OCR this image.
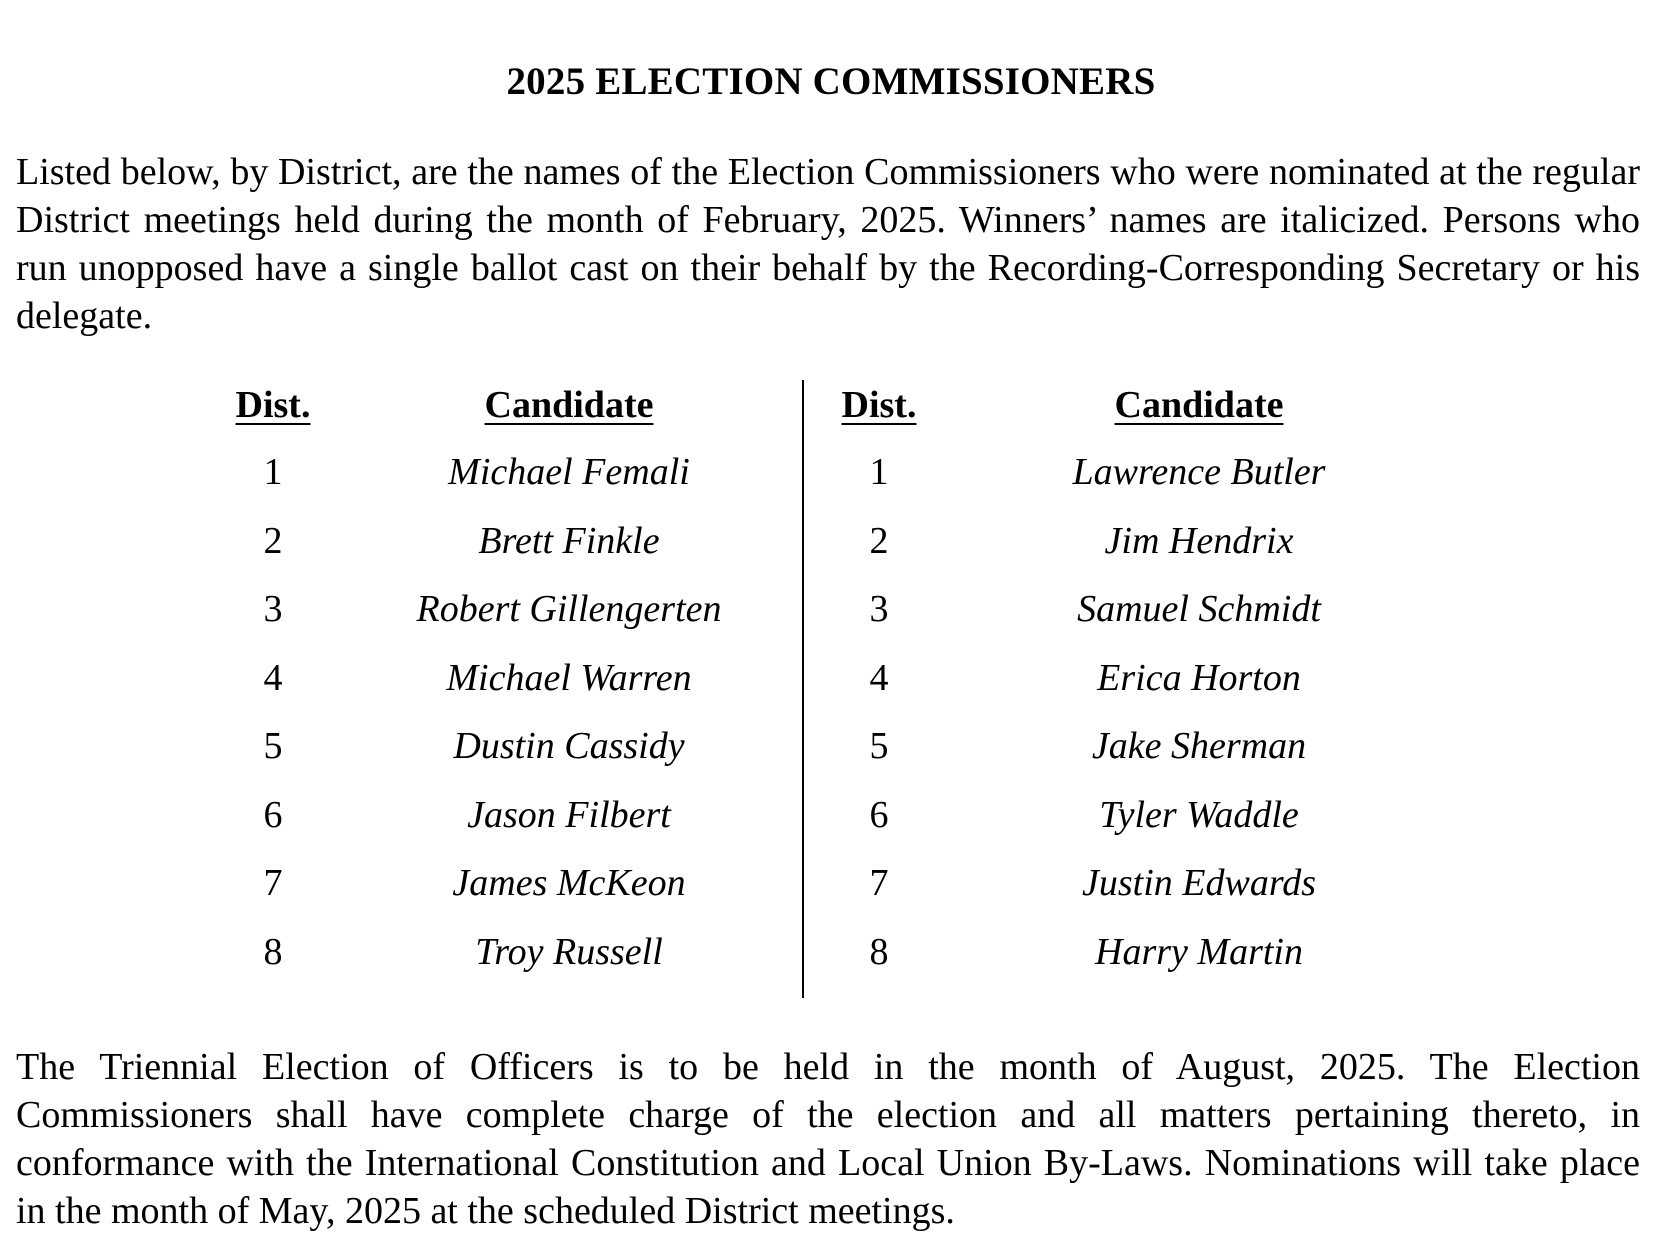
2025 ELECTION COMMISSIONERS
Listed below, by District, are the names of the Election Commissioners who were nominated at the regular District meetings held during the month of February, 2025. Winners’ names are italicized. Persons who run unopposed have a single ballot cast on their behalf by the Recording-Corresponding Secretary or his delegate.
Dist.	Candidate	Dist.	Candidate
1	Michael Femali	1	Lawrence Butler
2	Brett Finkle	2	Jim Hendrix
3	Robert Gillengerten	3	Samuel Schmidt
4	Michael Warren	4	Erica Horton
5	Dustin Cassidy	5	Jake Sherman
6	Jason Filbert	6	Tyler Waddle
7	James McKeon	7	Justin Edwards
8	Troy Russell	8	Harry Martin
The Triennial Election of Officers is to be held in the month of August, 2025. The Election Commissioners shall have complete charge of the election and all matters pertaining thereto, in conformance with the International Constitution and Local Union By-Laws. Nominations will take place in the month of May, 2025 at the scheduled District meetings.
